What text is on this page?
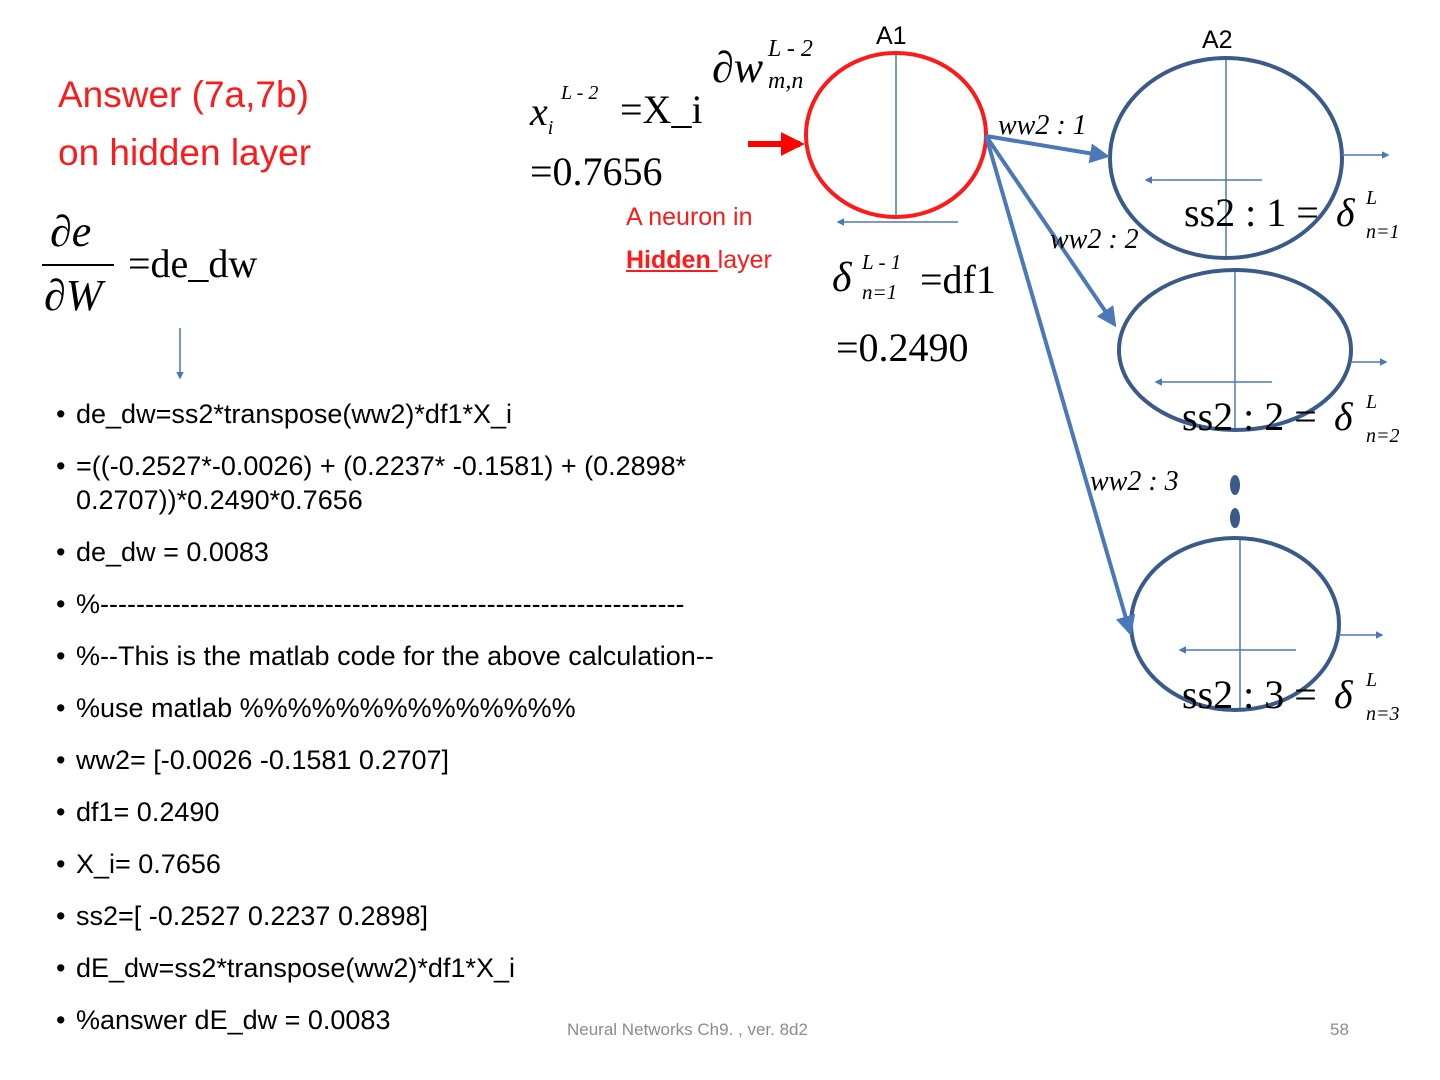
Answer (7a,7b)
on hidden layer
∂e
∂W
=de_dw
$x_i$
L - 2 =X_i
=0.7656
∂w L - 2
m,n
A neuron in
Hidden layer δ L - 1
n=1 =df1
=0.2490
A1	A2
ww2 : 1
ww2 : 2
ww2 : 3
ss2 : 1 = δ L
n=1
ss2 : 2 = δ L
n=2
ss2 : 3 = δ L
n=3
• de_dw=ss2*transpose(ww2)*df1*X_i
• =((-0.2527*-0.0026) + (0.2237* -0.1581) + (0.2898* 0.2707))*0.2490*0.7656
• de_dw = 0.0083
• %-----------------------------------------------------------------
• %--This is the matlab code for the above calculation--
• %use matlab %%%%%%%%%%%%%%
• ww2= [-0.0026 -0.1581 0.2707]
• df1= 0.2490
• X_i= 0.7656
• ss2=[ -0.2527 0.2237 0.2898]
• dE_dw=ss2*transpose(ww2)*df1*X_i
• %answer dE_dw = 0.0083	Neural Networks Ch9. , ver. 8d2	58
